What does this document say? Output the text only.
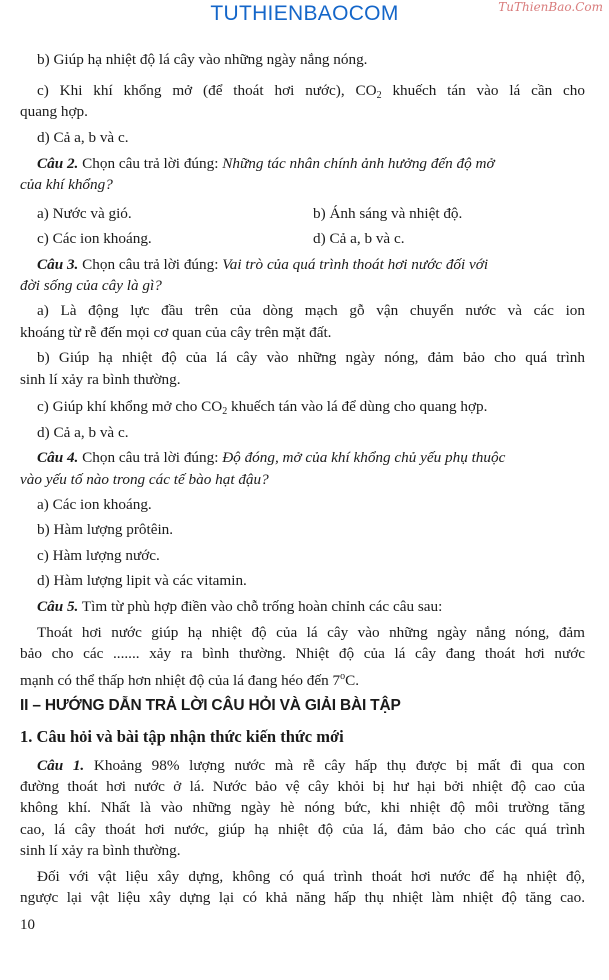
TUTHIENBAOCOM	TuThienBao.Com
b) Giúp hạ nhiệt độ lá cây vào những ngày nắng nóng.
c) Khi khí khổng mở (để thoát hơi nước), $CO_2$ khuếch tán vào lá cần cho
quang hợp.
d) Cả a, b và c.
Câu 2. Chọn câu trả lời đúng: Những tác nhân chính ảnh hưởng đến độ mở
của khí khổng?
a) Nước và gió.	b) Ánh sáng và nhiệt độ.
c) Các ion khoáng.	d) Cả a, b và c.
Câu 3. Chọn câu trả lời đúng: Vai trò của quá trình thoát hơi nước đối với
đời sống của cây là gì?
a) Là động lực đầu trên của dòng mạch gỗ vận chuyển nước và các ion
khoáng từ rễ đến mọi cơ quan của cây trên mặt đất.
b) Giúp hạ nhiệt độ của lá cây vào những ngày nóng, đảm bảo cho quá trình
sinh lí xảy ra bình thường.
c) Giúp khí khổng mở cho $CO_2$ khuếch tán vào lá để dùng cho quang hợp.
d) Cả a, b và c.
Câu 4. Chọn câu trả lời đúng: Độ đóng, mở của khí khổng chủ yếu phụ thuộc
vào yếu tố nào trong các tế bào hạt đậu?
a) Các ion khoáng.
b) Hàm lượng prôtêin.
c) Hàm lượng nước.
d) Hàm lượng lipit và các vitamin.
Câu 5. Tìm từ phù hợp điền vào chỗ trống hoàn chỉnh các câu sau:
Thoát hơi nước giúp hạ nhiệt độ của lá cây vào những ngày nắng nóng, đảm
bảo cho các ....... xảy ra bình thường. Nhiệt độ của lá cây đang thoát hơi nước
mạnh có thể thấp hơn nhiệt độ của lá đang héo đến 7$^o$C.
II – HƯỚNG DẪN TRẢ LỜI CÂU HỎI VÀ GIẢI BÀI TẬP
1. Câu hỏi và bài tập nhận thức kiến thức mới
Câu 1. Khoảng 98% lượng nước mà rễ cây hấp thụ được bị mất đi qua con
đường thoát hơi nước ở lá. Nước bảo vệ cây khỏi bị hư hại bởi nhiệt độ cao của
không khí. Nhất là vào những ngày hè nóng bức, khi nhiệt độ môi trường tăng
cao, lá cây thoát hơi nước, giúp hạ nhiệt độ của lá, đảm bảo cho các quá trình
sinh lí xảy ra bình thường.
Đối với vật liệu xây dựng, không có quá trình thoát hơi nước để hạ nhiệt độ,
ngược lại vật liệu xây dựng lại có khả năng hấp thụ nhiệt làm nhiệt độ tăng cao.
10
